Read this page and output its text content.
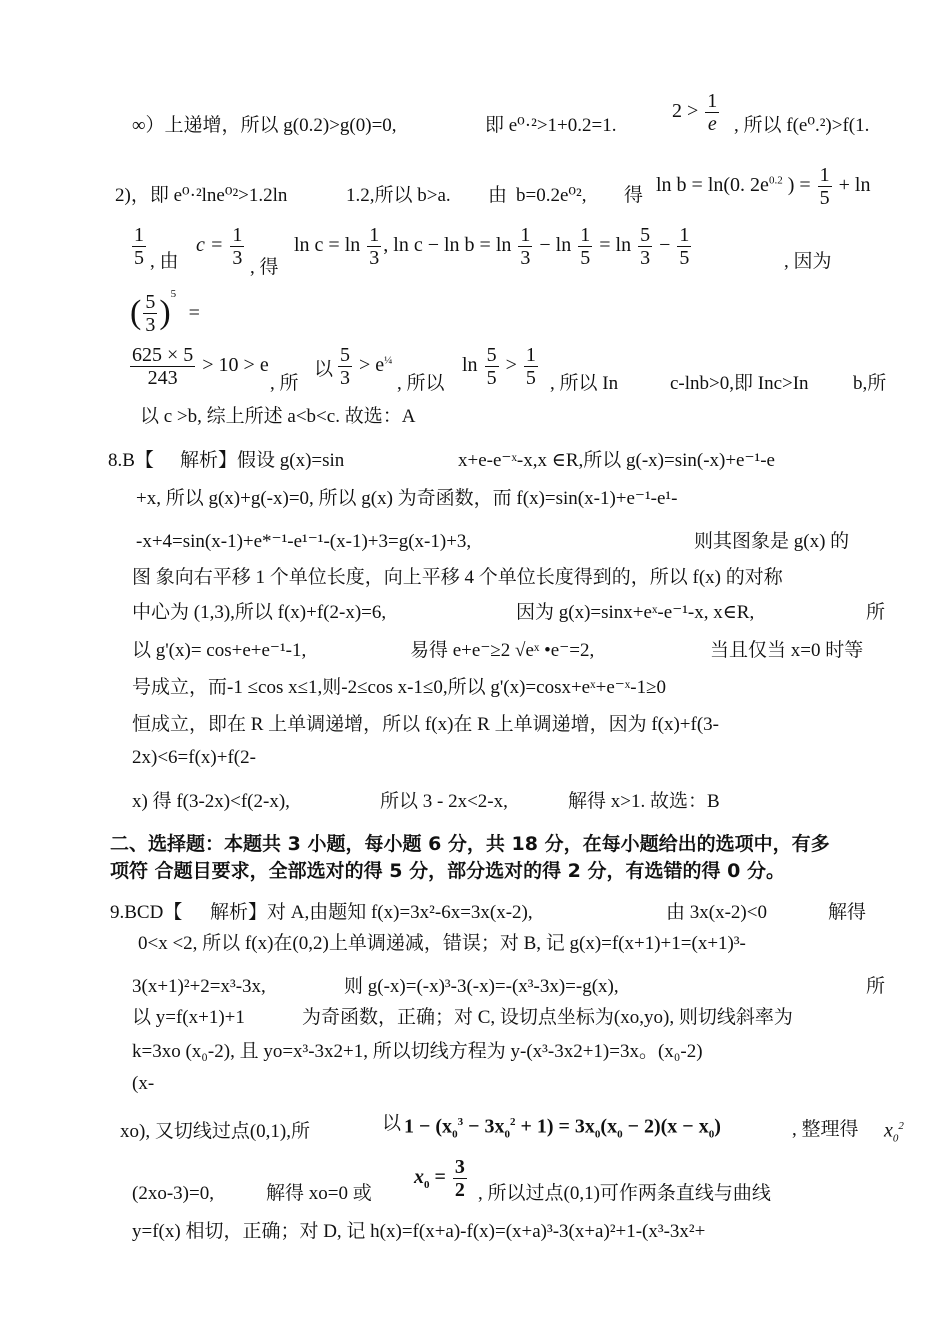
∞）上递增，所以 g(0.2)>g(0)=0,	即 e⁰·²>1+0.2=1.
$2 > \frac{1}{e}$ , 所以 f(e⁰.²)>f(1.
2)，即 e⁰·²lne⁰²>1.2ln	1.2,所以 b>a. 由 b=0.2e⁰², 得 ln b = ln(0. $2e^{0.2}$ ) = $\frac{1}{5} + \ln$
$\frac{1}{5}$ , 由
$c = \frac{1}{3}$ , 得
$\ln c = \ln \frac{1}{3}$ , $\ln c - \ln b = \ln \frac{1}{3} - \ln \frac{1}{5} = \ln \frac{5}{3} - \frac{1}{5}$	, 因为
( $\frac{5}{3} )^5$ =
$\frac{625 \times 5}{243} > 10 > e$
, 所
以 $\frac{5}{3} > e^{\frac{1}{4}}$
, 所以
$\ln \frac{5}{5} > \frac{1}{5}$ , 所以 In	c-lnb>0,即 Inc>In b,所
以 c >b, 综上所述 a<b<c. 故选：A
8.B【 解析】假设 g(x)=sin	x+e-e⁻ˣ-x,x ∈R,所以 g(-x)=sin(-x)+e⁻¹-e
+x, 所以 g(x)+g(-x)=0, 所以 g(x) 为奇函数，而 f(x)=sin(x-1)+e⁻¹-e¹-
-x+4=sin(x-1)+e*⁻¹-e¹⁻¹-(x-1)+3=g(x-1)+3,	则其图象是 g(x) 的
图 象向右平移 1 个单位长度，向上平移 4 个单位长度得到的，所以 f(x) 的对称
中心为 (1,3),所以 f(x)+f(2-x)=6,	因为 g(x)=sinx+eˣ-e⁻¹-x, x∈R,	所
以 g'(x)= cos+e+e⁻¹-1,	易得 e+e⁻≥2 √eˣ •e⁻=2,	当且仅当 x=0 时等
号成立，而-1 ≤cos x≤1,则-2≤cos x-1≤0,所以 g'(x)=cosx+eˣ+e⁻ˣ-1≥0
恒成立，即在 R 上单调递增，所以 f(x)在 R 上单调递增，因为 f(x)+f(3-
2x)<6=f(x)+f(2-
x) 得 f(3-2x)<f(2-x),	所以 3 - 2x<2-x,	解得 x>1. 故选：B
二、选择题：本题共 3 小题，每小题 6 分，共 18 分，在每小题给出的选项中，有多
项符 合题目要求，全部选对的得 5 分，部分选对的得 2 分，有选错的得 0 分。
9.BCD【 解析】对 A,由题知 f(x)=3x²-6x=3x(x-2),	由 3x(x-2)<0	解得
0<x <2, 所以 f(x)在(0,2)上单调递减，错误；对 B, 记 g(x)=f(x+1)+1=(x+1)³-
3(x+1)²+2=x³-3x,	则 g(-x)=(-x)³-3(-x)=-(x³-3x)=-g(x),	所
以 y=f(x+1)+1	为奇函数，正确；对 C, 设切点坐标为(xo,yo), 则切线斜率为
k=3xo (x₀-2), 且 yo=x³-3x2+1, 所以切线方程为 y-(x³-3x2+1)=3x。(x₀-2)
(x-
xo), 又切线过点(0,1),所	以 $1 - (x_0^3 - 3x_0^2 + 1) = 3x_0(x_0 - 2)(x - x_0)$	, 整理得 $x_0^2$
(2xo-3)=0,	解得 xo=0 或
$x_0 = \frac{3}{2}$ , 所以过点(0,1)可作两条直线与曲线
y=f(x) 相切，正确；对 D, 记 h(x)=f(x+a)-f(x)=(x+a)³-3(x+a)²+1-(x³-3x²+
